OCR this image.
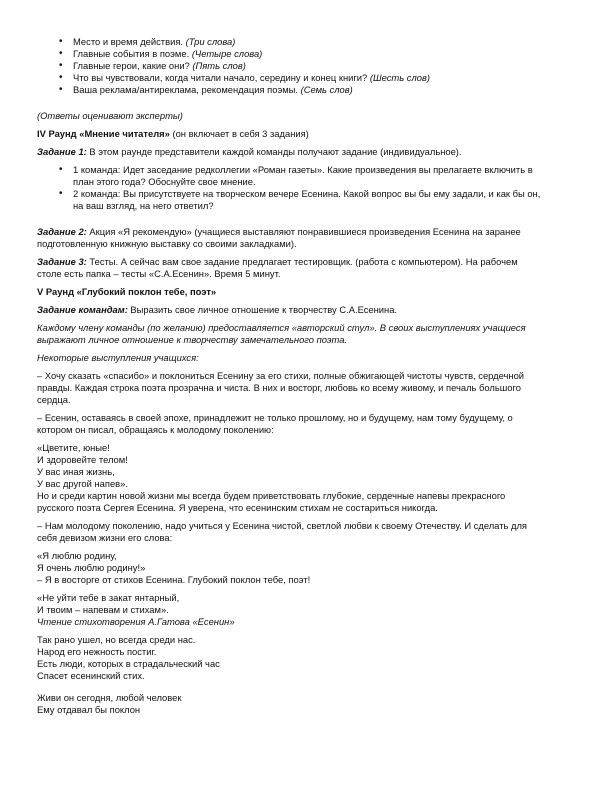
• Место и время действия. (Три слова)
• Главные события в поэме. (Четыре слова)
• Главные герои, какие они? (Пять слов)
• Что вы чувствовали, когда читали начало, середину и конец книги? (Шесть слов)
• Ваша реклама/антиреклама, рекомендация поэмы. (Семь слов)

(Ответы оценивают эксперты)

IV Раунд «Мнение читателя» (он включает в себя 3 задания)

Задание 1: В этом раунде представители каждой команды получают задание (индивидуальное).

• 1 команда: Идет заседание редколлегии «Роман газеты». Какие произведения вы прелагаете включить в
план этого года? Обоснуйте свое мнение.
• 2 команда: Вы присутствуете на творческом вечере Есенина. Какой вопрос вы бы ему задали, и как бы он,
на ваш взгляд, на него ответил?

Задание 2: Акция «Я рекомендую» (учащиеся выставляют понравившиеся произведения Есенина на заранее
подготовленную книжную выставку со своими закладками).

Задание 3: Тесты. А сейчас вам свое задание предлагает тестировщик. (работа с компьютером). На рабочем
столе есть папка – тесты «С.А.Есенин». Время 5 минут.

V Раунд «Глубокий поклон тебе, поэт»

Задание командам: Выразить свое личное отношение к творчеству С.А.Есенина.

Каждому члену команды (по желанию) предоставляется «авторский стул». В своих выступлениях учащиеся
выражают личное отношение к творчеству замечательного поэта.

Некоторые выступления учащихся:

– Хочу сказать «спасибо» и поклониться Есенину за его стихи, полные обжигающей чистоты чувств, сердечной
правды. Каждая строка поэта прозрачна и чиста. В них и восторг, любовь ко всему живому, и печаль большого
сердца.

– Есенин, оставаясь в своей эпохе, принадлежит не только прошлому, но и будущему, нам тому будущему, о
котором он писал, обращаясь к молодому поколению:

«Цветите, юные!
И здоровейте телом!
У вас иная жизнь,
У вас другой напев».
Но и среди картин новой жизни мы всегда будем приветствовать глубокие, сердечные напевы прекрасного
русского поэта Сергея Есенина. Я уверена, что есенинским стихам не состариться никогда.

– Нам молодому поколению, надо учиться у Есенина чистой, светлой любви к своему Отечеству. И сделать для
себя девизом жизни его слова:

«Я люблю родину,
Я очень люблю родину!»
– Я в восторге от стихов Есенина. Глубокий поклон тебе, поэт!

«Не уйти тебе в закат янтарный,
И твоим – напевам и стихам».
Чтение стихотворения А.Гатова «Есенин»

Так рано ушел, но всегда среди нас.
Народ его нежность постиг.
Есть люди, которых в страдальческий час
Спасет есенинский стих.

Живи он сегодня, любой человек
Ему отдавал бы поклон
